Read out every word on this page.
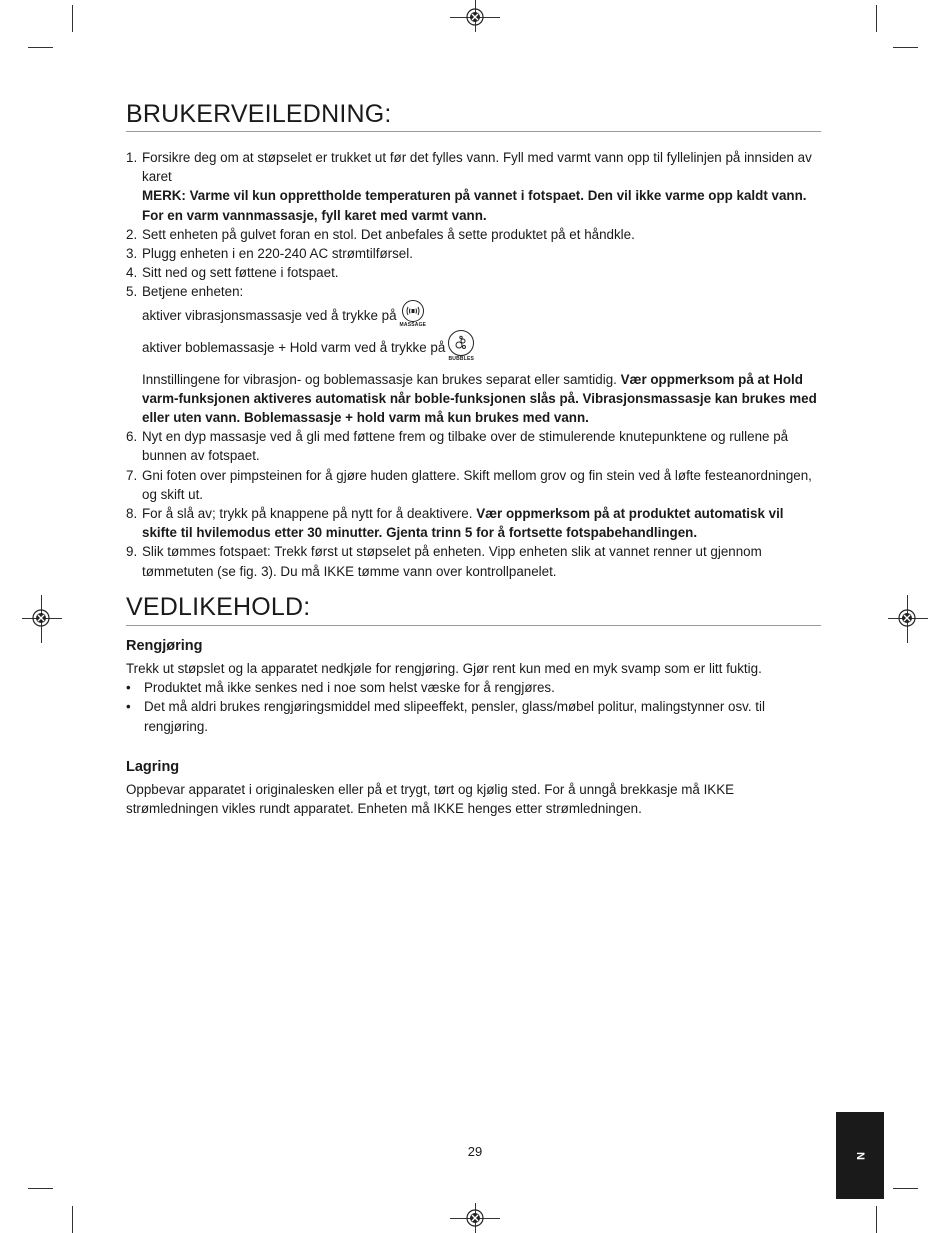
BRUKERVEILEDNING:
1. Forsikre deg om at støpselet er trukket ut før det fylles vann. Fyll med varmt vann opp til fyllelinjen på innsiden av karet

MERK: Varme vil kun opprettholde temperaturen på vannet i fotspaet. Den vil ikke varme opp kaldt vann. For en varm vannmassasje, fyll karet med varmt vann.

2. Sett enheten på gulvet foran en stol. Det anbefales å sette produktet på et håndkle.

3. Plugg enheten i en 220-240 AC strømtilførsel.

4. Sitt ned og sett føttene i fotspaet.

5. Betjene enheten:

aktiver vibrasjonsmassasje ved å trykke på
MASSAGE
aktiver boblemassasje + Hold varm ved å trykke på
BUBBLES

Innstillingene for vibrasjon- og boblemassasje kan brukes separat eller samtidig. Vær oppmerksom på at Hold varm-funksjonen aktiveres automatisk når boble-funksjonen slås på. Vibrasjonsmassasje kan brukes med eller uten vann. Boblemassasje + hold varm må kun brukes med vann.

6. Nyt en dyp massasje ved å gli med føttene frem og tilbake over de stimulerende knutepunktene og rullene på bunnen av fotspaet.

7. Gni foten over pimpsteinen for å gjøre huden glattere. Skift mellom grov og fin stein ved å løfte festeanordningen, og skift ut.

8. For å slå av; trykk på knappene på nytt for å deaktivere. Vær oppmerksom på at produktet automatisk vil skifte til hvilemodus etter 30 minutter. Gjenta trinn 5 for å fortsette fotspabehandlingen.

9. Slik tømmes fotspaet: Trekk først ut støpselet på enheten. Vipp enheten slik at vannet renner ut gjennom tømmetuten (se fig. 3). Du må IKKE tømme vann over kontrollpanelet.

VEDLIKEHOLD:
Rengjøring

Trekk ut støpslet og la apparatet nedkjøle for rengjøring. Gjør rent kun med en myk svamp som er litt fuktig.

• Produktet må ikke senkes ned i noe som helst væske for å rengjøres.
• Det må aldri brukes rengjøringsmiddel med slipeeffekt, pensler, glass/møbel politur, malingstynner osv. til rengjøring.
Lagring

Oppbevar apparatet i originalesken eller på et trygt, tørt og kjølig sted. For å unngå brekkasje må IKKE strømledningen vikles rundt apparatet. Enheten må IKKE henges etter strømledningen.

29	N
